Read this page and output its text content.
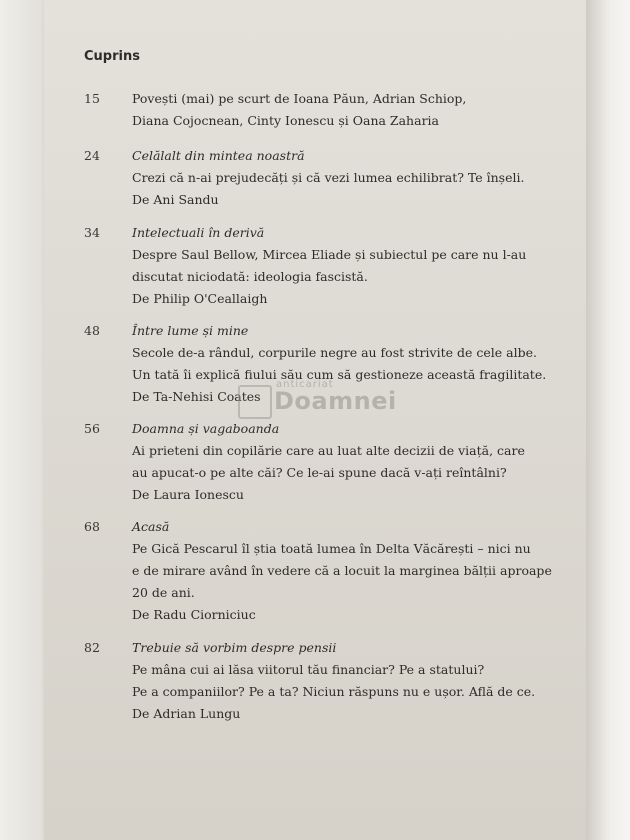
Cuprins
15	Povești (mai) pe scurt de Ioana Păun, Adrian Schiop,
Diana Cojocnean, Cinty Ionescu și Oana Zaharia
24	Celălalt din mintea noastră
Crezi că n-ai prejudecăți și că vezi lumea echilibrat? Te înșeli.
De Ani Sandu
34	Intelectuali în derivă
Despre Saul Bellow, Mircea Eliade și subiectul pe care nu l-au
discutat niciodată: ideologia fascistă.
De Philip O'Ceallaigh
48	Între lume și mine
Secole de-a rândul, corpurile negre au fost strivite de cele albe.
Un tată îi explică fiului său cum să gestioneze această fragilitate.
De Ta-Nehisi Coates
56	Doamna și vagaboanda
Ai prieteni din copilărie care au luat alte decizii de viață, care
au apucat-o pe alte căi? Ce le-ai spune dacă v-ați reîntâlni?
De Laura Ionescu
68	Acasă
Pe Gică Pescarul îl știa toată lumea în Delta Văcărești – nici nu
e de mirare având în vedere că a locuit la marginea bălții aproape
20 de ani.
De Radu Ciorniciuc
82	Trebuie să vorbim despre pensii
Pe mâna cui ai lăsa viitorul tău financiar? Pe a statului?
Pe a companiilor? Pe a ta? Niciun răspuns nu e ușor. Află de ce.
De Adrian Lungu
anticariat
Doamnei
